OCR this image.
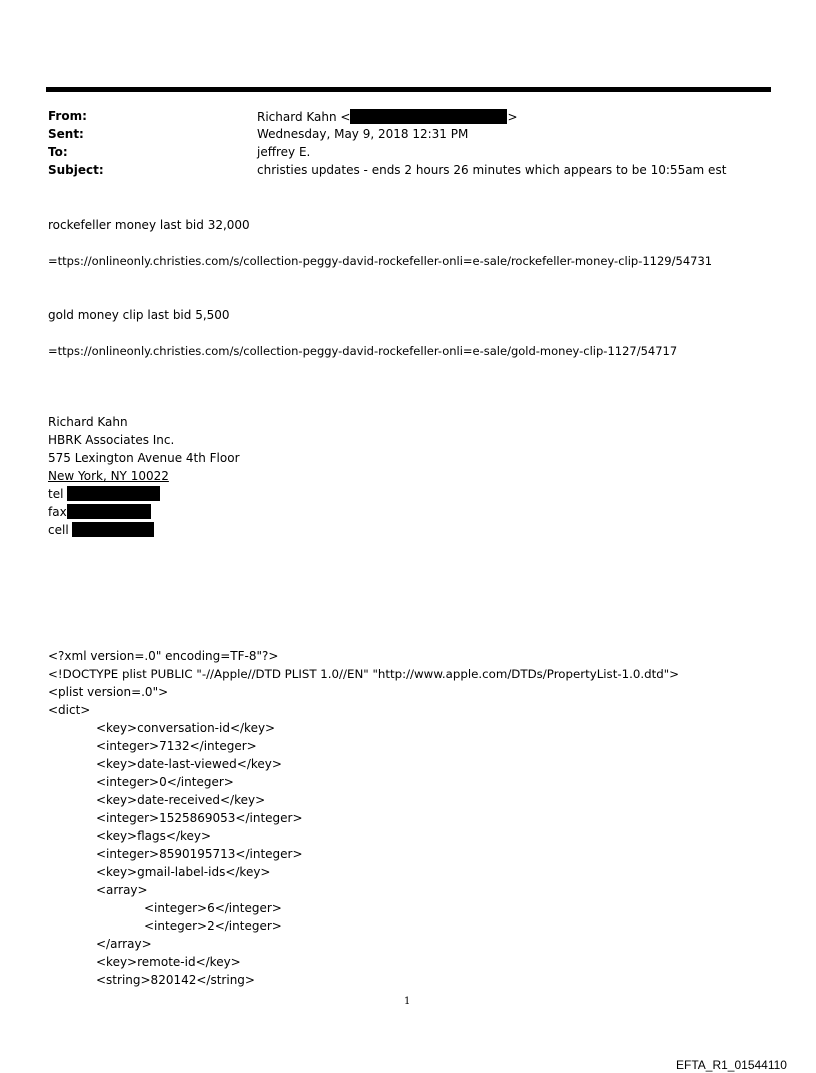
From:	Richard Kahn <	>
Sent:	Wednesday, May 9, 2018 12:31 PM
To:	jeffrey E.
Subject:	christies updates - ends 2 hours 26 minutes which appears to be 10:55am est
rockefeller money last bid 32,000
=ttps://onlineonly.christies.com/s/collection-peggy-david-rockefeller-onli=e-sale/rockefeller-money-clip-1129/54731
gold money clip last bid 5,500
=ttps://onlineonly.christies.com/s/collection-peggy-david-rockefeller-onli=e-sale/gold-money-clip-1127/54717
Richard Kahn
HBRK Associates Inc.
575 Lexington Avenue 4th Floor
New York, NY 10022
tel
fax
cell
<?xml version=.0" encoding=TF-8"?>
<!DOCTYPE plist PUBLIC "-//Apple//DTD PLIST 1.0//EN" "http://www.apple.com/DTDs/PropertyList-1.0.dtd">
<plist version=.0">
<dict>
<key>conversation-id</key>
<integer>7132</integer>
<key>date-last-viewed</key>
<integer>0</integer>
<key>date-received</key>
<integer>1525869053</integer>
<key>flags</key>
<integer>8590195713</integer>
<key>gmail-label-ids</key>
<array>
<integer>6</integer>
<integer>2</integer>
</array>
<key>remote-id</key>
<string>820142</string>
1
EFTA_R1_01544110
